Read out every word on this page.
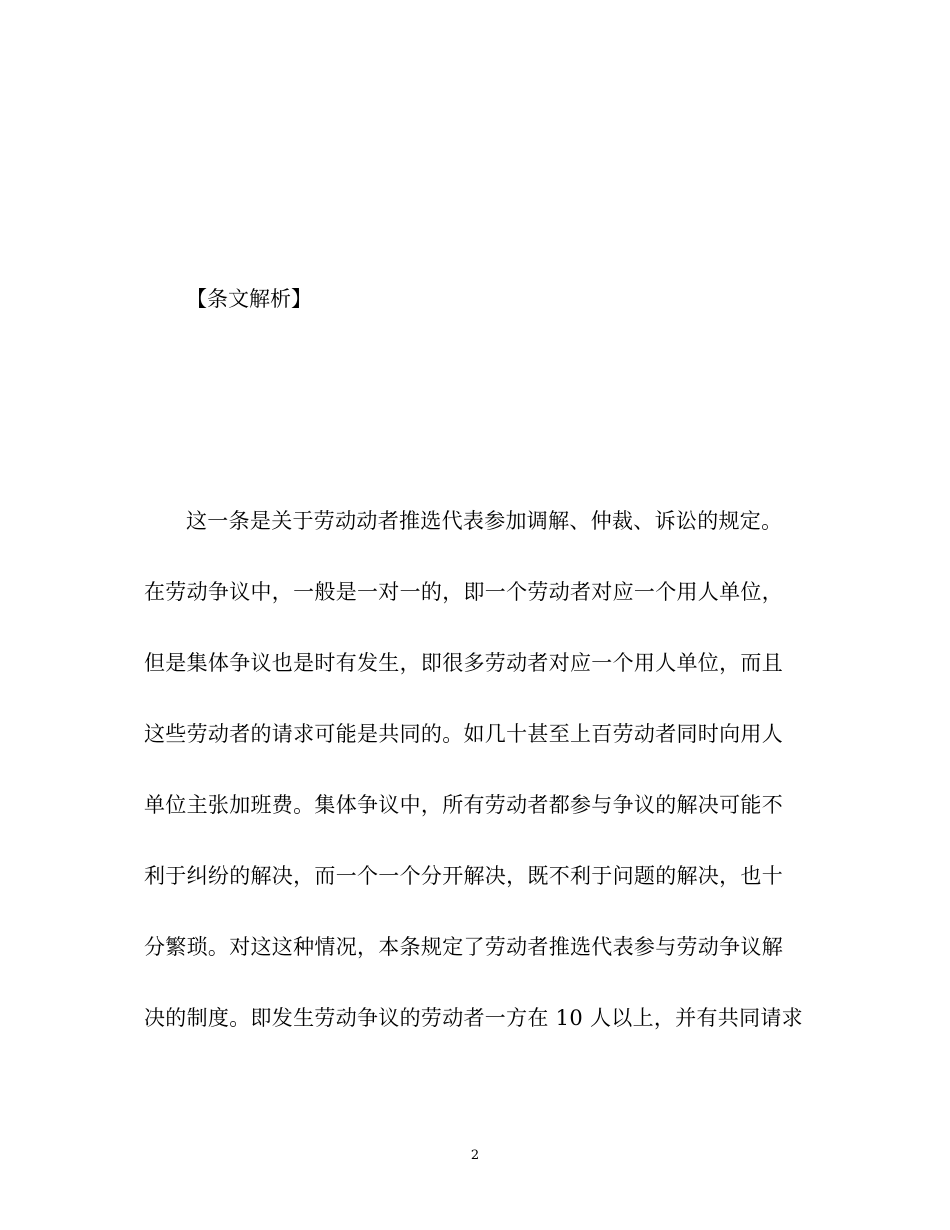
【条文解析】
这一条是关于劳动动者推选代表参加调解、仲裁、诉讼的规定。
在劳动争议中，一般是一对一的，即一个劳动者对应一个用人单位，
但是集体争议也是时有发生，即很多劳动者对应一个用人单位，而且
这些劳动者的请求可能是共同的。如几十甚至上百劳动者同时向用人
单位主张加班费。集体争议中，所有劳动者都参与争议的解决可能不
利于纠纷的解决，而一个一个分开解决，既不利于问题的解决，也十
分繁琐。对这这种情况，本条规定了劳动者推选代表参与劳动争议解
决的制度。即发生劳动争议的劳动者一方在 10 人以上，并有共同请求
2
